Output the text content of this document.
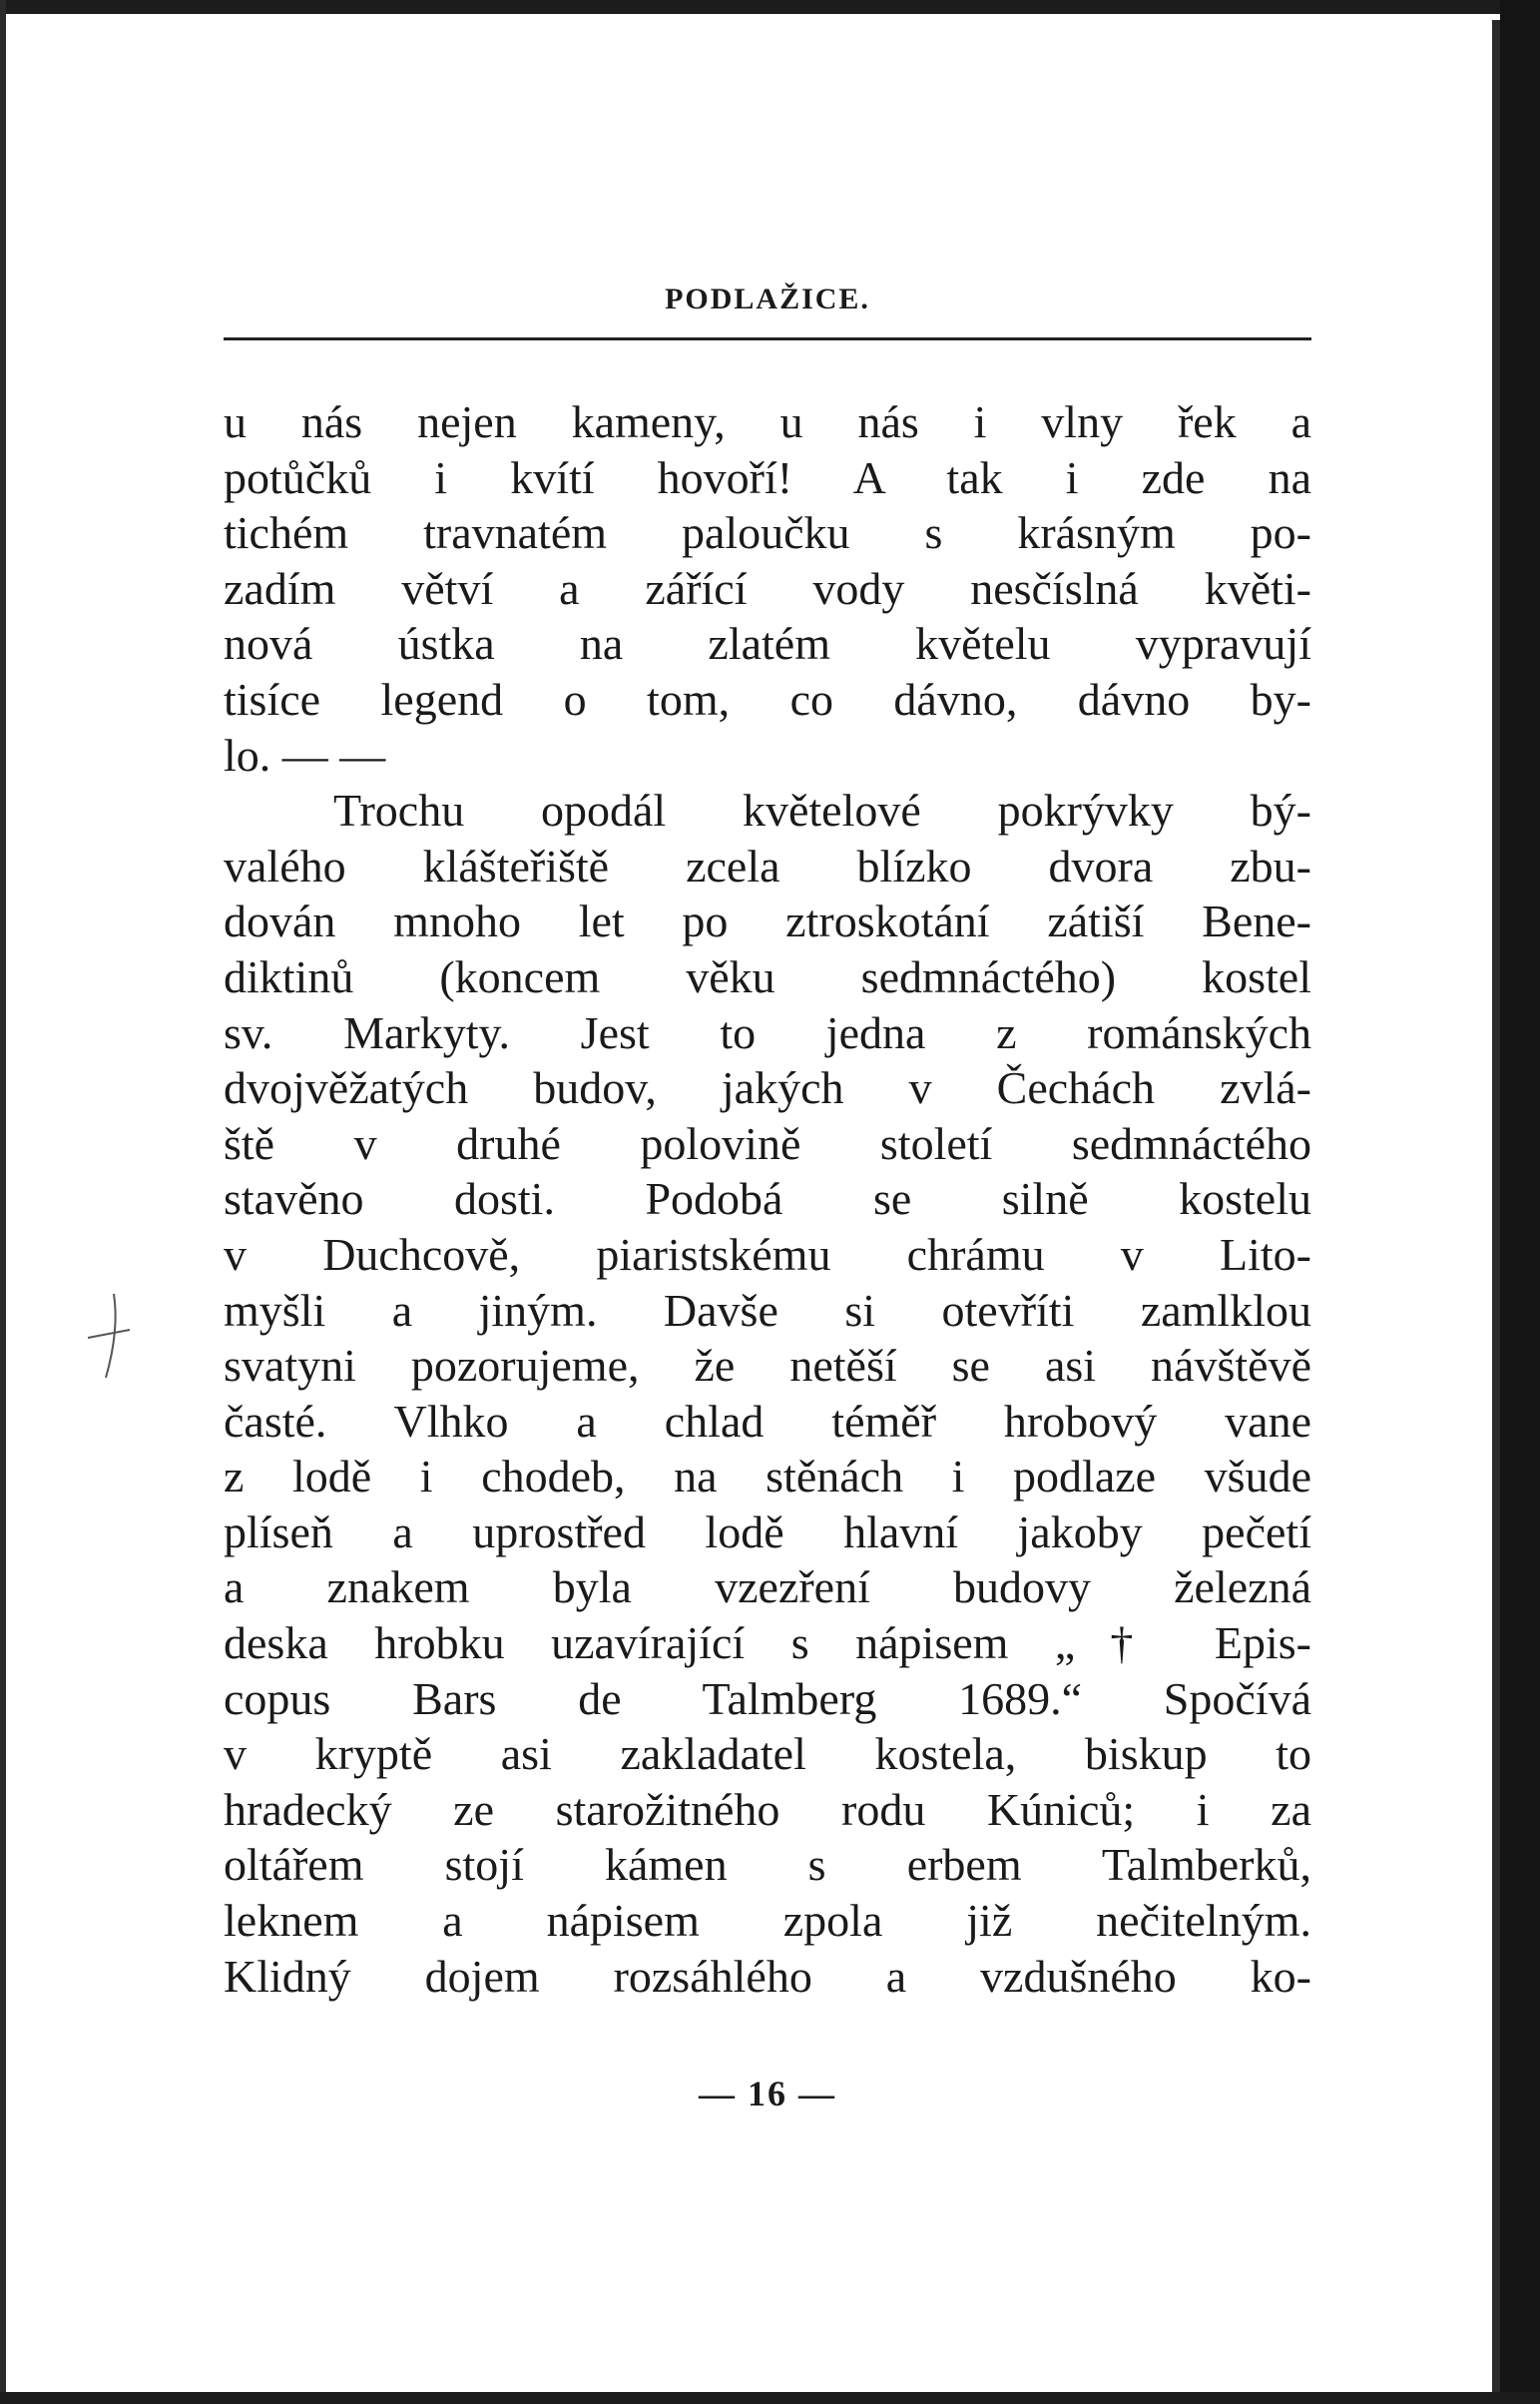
PODLAŽICE.
u nás nejen kameny, u nás i vlny řek a
potůčků i kvítí hovoří! A tak i zde na
tichém travnatém paloučku s krásným po-
zadím větví a zářící vody nesčíslná květi-
nová ústka na zlatém květelu vypravují
tisíce legend o tom, co dávno, dávno by-
lo. — —
Trochu opodál květelové pokrývky bý-
valého klášteřiště zcela blízko dvora zbu-
dován mnoho let po ztroskotání zátiší Bene-
diktinů (koncem věku sedmnáctého) kostel
sv. Markyty. Jest to jedna z románských
dvojvěžatých budov, jakých v Čechách zvlá-
ště v druhé polovině století sedmnáctého
stavěno dosti. Podobá se silně kostelu
v Duchcově, piaristskému chrámu v Lito-
myšli a jiným. Davše si otevříti zamlklou
svatyni pozorujeme, že netěší se asi návštěvě
časté. Vlhko a chlad téměř hrobový vane
z lodě i chodeb, na stěnách i podlaze všude
plíseň a uprostřed lodě hlavní jakoby pečetí
a znakem byla vzezření budovy železná
deska hrobku uzavírající s nápisem „† Epis-
copus Bars de Talmberg 1689.“ Spočívá
v kryptě asi zakladatel kostela, biskup to
hradecký ze starožitného rodu Kúniců; i za
oltářem stojí kámen s erbem Talmberků,
leknem a nápisem zpola již nečitelným.
Klidný dojem rozsáhlého a vzdušného ko-
— 16 —
